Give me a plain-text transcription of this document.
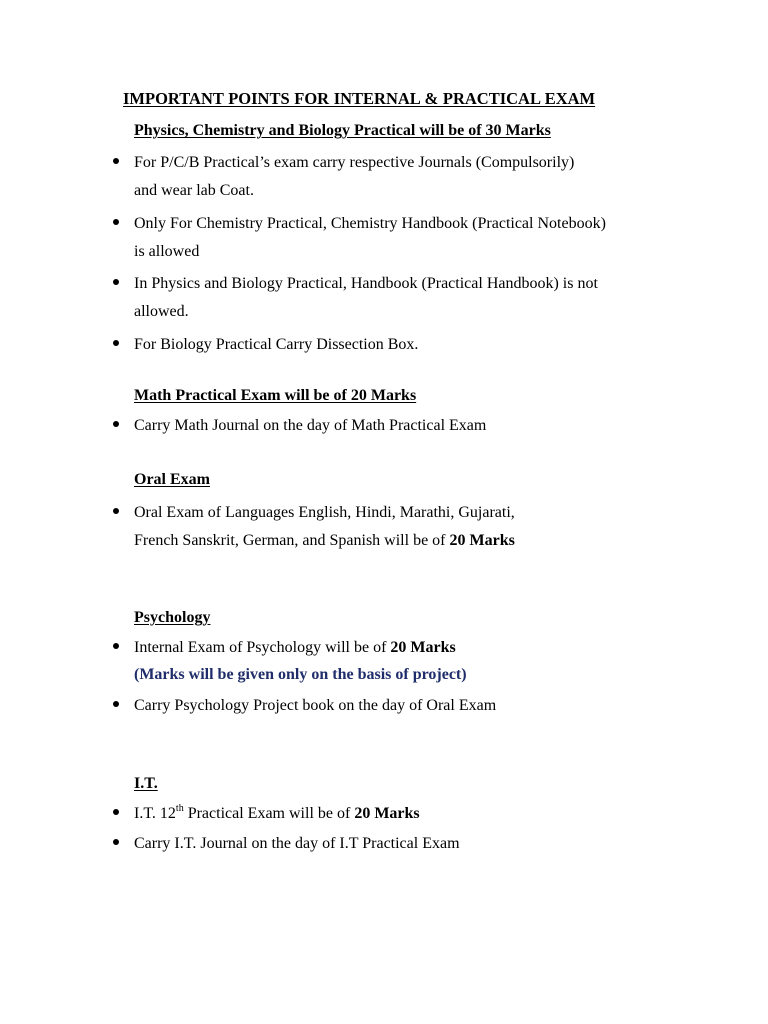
IMPORTANT POINTS FOR INTERNAL & PRACTICAL EXAM
Physics, Chemistry and Biology Practical will be of 30 Marks
For P/C/B Practical’s exam carry respective Journals (Compulsorily)
and wear lab Coat.
Only For Chemistry Practical, Chemistry Handbook (Practical Notebook)
is allowed
In Physics and Biology Practical, Handbook (Practical Handbook) is not
allowed.
For Biology Practical Carry Dissection Box.
Math Practical Exam will be of 20 Marks
Carry Math Journal on the day of Math Practical Exam
Oral Exam
Oral Exam of Languages English, Hindi, Marathi, Gujarati,
French Sanskrit, German, and Spanish will be of 20 Marks
Psychology
Internal Exam of Psychology will be of 20 Marks
(Marks will be given only on the basis of project)
Carry Psychology Project book on the day of Oral Exam
I.T.
I.T. 12th Practical Exam will be of 20 Marks
Carry I.T. Journal on the day of I.T Practical Exam
